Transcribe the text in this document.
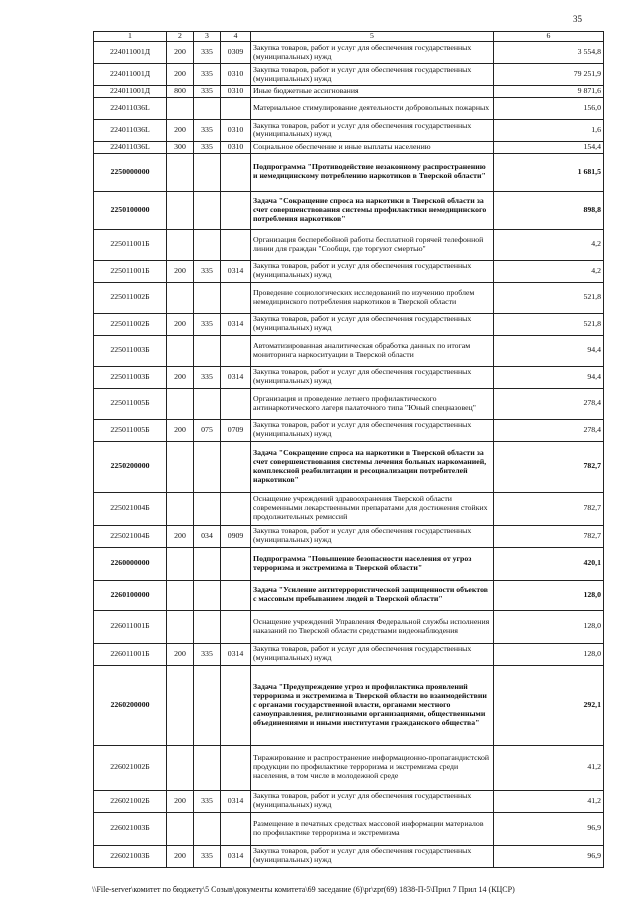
35
1	2	3	4	5	6
224011001Д	200	335	0309	Закупка товаров, работ и услуг для обеспечения государственных (муниципальных) нужд	3 554,8
224011001Д	200	335	0310	Закупка товаров, работ и услуг для обеспечения государственных (муниципальных) нужд	79 251,9
224011001Д	800	335	0310	Иные бюджетные ассигнования	9 871,6
224011036L				Материальное стимулирование деятельности добровольных пожарных	156,0
224011036L	200	335	0310	Закупка товаров, работ и услуг для обеспечения государственных (муниципальных) нужд	1,6
224011036L	300	335	0310	Социальное обеспечение и иные выплаты населению	154,4
2250000000				Подпрограмма "Противодействие незаконному распространению и немедицинскому потреблению наркотиков в Тверской области"	1 681,5
2250100000				Задача "Сокращение спроса на наркотики в Тверской области за счет совершенствования системы профилактики немедицинского потребления наркотиков"	898,8
225011001Б				Организация бесперебойной работы бесплатной горячей телефонной линии для граждан "Сообщи, где торгуют смертью"	4,2
225011001Б	200	335	0314	Закупка товаров, работ и услуг для обеспечения государственных (муниципальных) нужд	4,2
225011002Б				Проведение социологических исследований по изучению проблем немедицинского потребления наркотиков в Тверской области	521,8
225011002Б	200	335	0314	Закупка товаров, работ и услуг для обеспечения государственных (муниципальных) нужд	521,8
225011003Б				Автоматизированная аналитическая обработка данных по итогам мониторинга наркоситуации в Тверской области	94,4
225011003Б	200	335	0314	Закупка товаров, работ и услуг для обеспечения государственных (муниципальных) нужд	94,4
225011005Б				Организация и проведение летнего профилактического антинаркотического лагеря палаточного типа "Юный спецназовец"	278,4
225011005Б	200	075	0709	Закупка товаров, работ и услуг для обеспечения государственных (муниципальных) нужд	278,4
2250200000				Задача "Сокращение спроса на наркотики в Тверской области за счет совершенствования системы лечения больных наркоманией, комплексной реабилитации и ресоциализации потребителей наркотиков"	782,7
225021004Б				Оснащение учреждений здравоохранения Тверской области современными лекарственными препаратами для достижения стойких продолжительных ремиссий	782,7
225021004Б	200	034	0909	Закупка товаров, работ и услуг для обеспечения государственных (муниципальных) нужд	782,7
2260000000				Подпрограмма "Повышение безопасности населения от угроз терроризма и экстремизма в Тверской области"	420,1
2260100000				Задача "Усиление антитеррористической защищенности объектов с массовым пребыванием людей в Тверской области"	128,0
226011001Б				Оснащение учреждений Управления Федеральной службы исполнения наказаний по Тверской области средствами видеонаблюдения	128,0
226011001Б	200	335	0314	Закупка товаров, работ и услуг для обеспечения государственных (муниципальных) нужд	128,0
2260200000				Задача "Предупреждение угроз и профилактика проявлений терроризма и экстремизма в Тверской области во взаимодействии с органами государственной власти, органами местного самоуправления, религиозными организациями, общественными объединениями и иными институтами гражданского общества"	292,1
226021002Б				Тиражирование и распространение информационно-пропагандистской продукции по профилактике терроризма и экстремизма среди населения, в том числе в молодежной среде	41,2
226021002Б	200	335	0314	Закупка товаров, работ и услуг для обеспечения государственных (муниципальных) нужд	41,2
226021003Б				Размещение в печатных средствах массовой информации материалов по профилактике терроризма и экстремизма	96,9
226021003Б	200	335	0314	Закупка товаров, работ и услуг для обеспечения государственных (муниципальных) нужд	96,9
\\File-server\комитет по бюджету\5 Созыв\документы комитета\69 заседание (6)\pr\zpr(69) 1838-П-5\Прил 7 Прил 14 (КЦСР)
